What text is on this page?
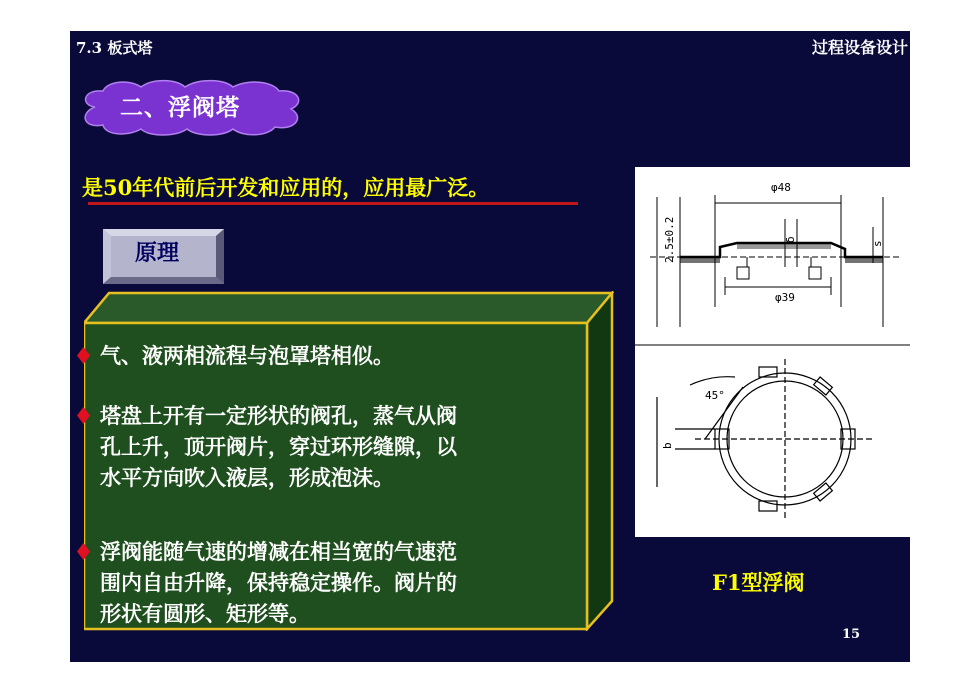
7.3 板式塔	过程设备设计
二、浮阀塔
是50年代前后开发和应用的，应用最广泛。
原理
气、液两相流程与泡罩塔相似。
塔盘上开有一定形状的阀孔，蒸气从阀
孔上升，顶开阀片，穿过环形缝隙，以
水平方向吹入液层，形成泡沫。
浮阀能随气速的增减在相当宽的气速范
围内自由升降，保持稳定操作。阀片的
形状有圆形、矩形等。
φ48
φ39
2.5±0.2	δ
s
45°
b
F1型浮阀
15
